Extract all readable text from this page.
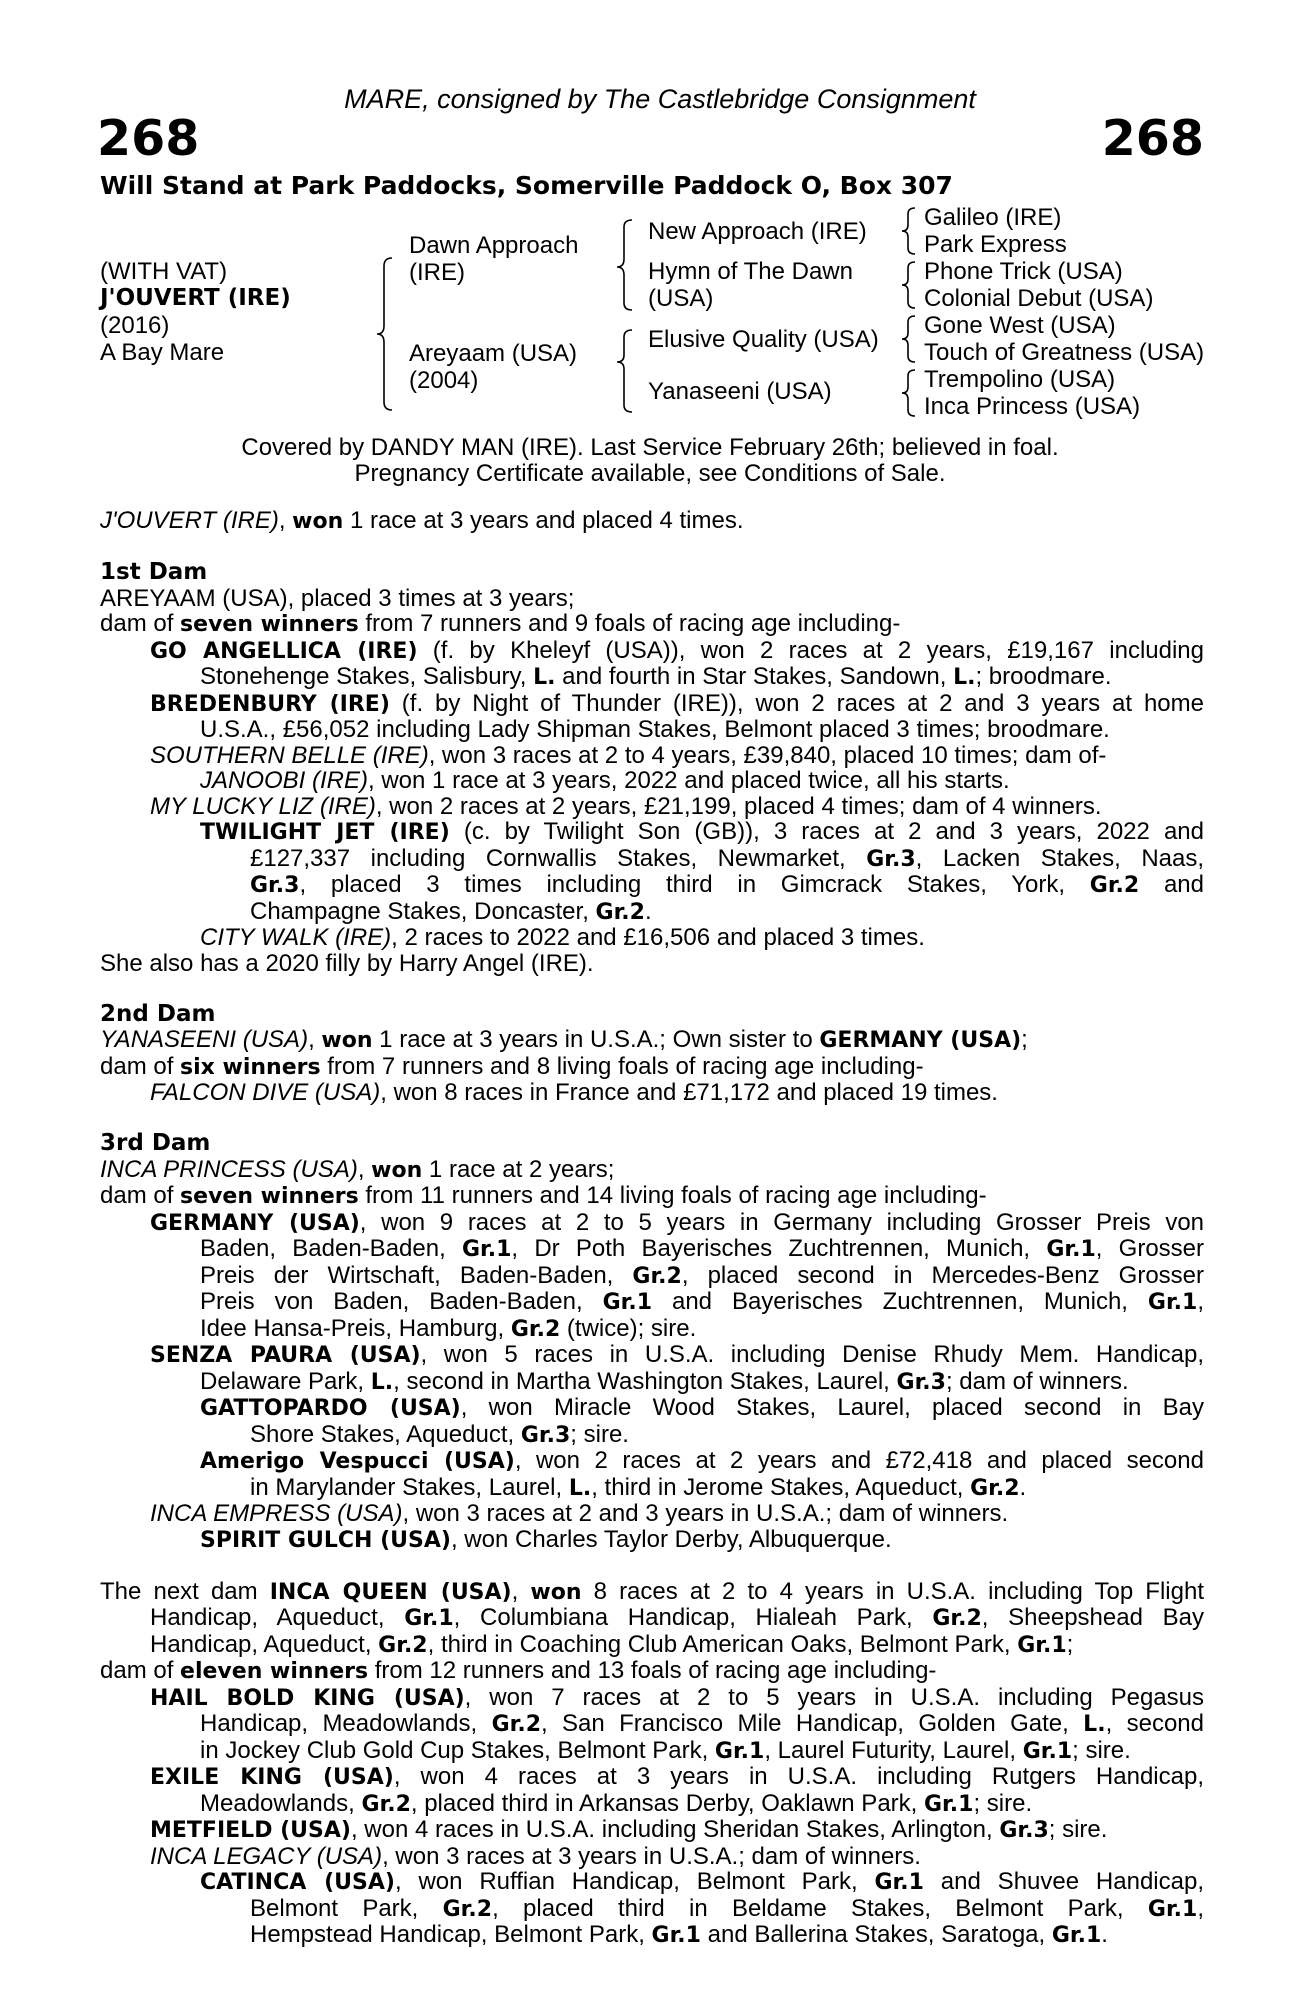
MARE, consigned by The Castlebridge Consignment
268	268
Will Stand at Park Paddocks, Somerville Paddock O, Box 307
(WITH VAT)
J'OUVERT (IRE)
(2016)
A Bay Mare
Dawn Approach
(IRE)
Areyaam (USA)
(2004)
New Approach (IRE)
Hymn of The Dawn
(USA)
Elusive Quality (USA)
Yanaseeni (USA)
Galileo (IRE)
Park Express
Phone Trick (USA)
Colonial Debut (USA)
Gone West (USA)
Touch of Greatness (USA)
Trempolino (USA)
Inca Princess (USA)
Covered by DANDY MAN (IRE). Last Service February 26th; believed in foal.
Pregnancy Certificate available, see Conditions of Sale.

J'OUVERT (IRE), won 1 race at 3 years and placed 4 times.

1st Dam

AREYAAM (USA), placed 3 times at 3 years;

dam of seven winners from 7 runners and 9 foals of racing age including-

GO ANGELLICA (IRE) (f. by Kheleyf (USA)), won 2 races at 2 years, £19,167 including

Stonehenge Stakes, Salisbury, L. and fourth in Star Stakes, Sandown, L.; broodmare.

BREDENBURY (IRE) (f. by Night of Thunder (IRE)), won 2 races at 2 and 3 years at home

U.S.A., £56,052 including Lady Shipman Stakes, Belmont placed 3 times; broodmare.

SOUTHERN BELLE (IRE), won 3 races at 2 to 4 years, £39,840, placed 10 times; dam of-

JANOOBI (IRE), won 1 race at 3 years, 2022 and placed twice, all his starts.

MY LUCKY LIZ (IRE), won 2 races at 2 years, £21,199, placed 4 times; dam of 4 winners.

TWILIGHT JET (IRE) (c. by Twilight Son (GB)), 3 races at 2 and 3 years, 2022 and

£127,337 including Cornwallis Stakes, Newmarket, Gr.3, Lacken Stakes, Naas,

Gr.3, placed 3 times including third in Gimcrack Stakes, York, Gr.2 and

Champagne Stakes, Doncaster, Gr.2.

CITY WALK (IRE), 2 races to 2022 and £16,506 and placed 3 times.

She also has a 2020 filly by Harry Angel (IRE).

2nd Dam

YANASEENI (USA), won 1 race at 3 years in U.S.A.; Own sister to GERMANY (USA);

dam of six winners from 7 runners and 8 living foals of racing age including-

FALCON DIVE (USA), won 8 races in France and £71,172 and placed 19 times.

3rd Dam

INCA PRINCESS (USA), won 1 race at 2 years;

dam of seven winners from 11 runners and 14 living foals of racing age including-

GERMANY (USA), won 9 races at 2 to 5 years in Germany including Grosser Preis von

Baden, Baden-Baden, Gr.1, Dr Poth Bayerisches Zuchtrennen, Munich, Gr.1, Grosser

Preis der Wirtschaft, Baden-Baden, Gr.2, placed second in Mercedes-Benz Grosser

Preis von Baden, Baden-Baden, Gr.1 and Bayerisches Zuchtrennen, Munich, Gr.1,

Idee Hansa-Preis, Hamburg, Gr.2 (twice); sire.

SENZA PAURA (USA), won 5 races in U.S.A. including Denise Rhudy Mem. Handicap,

Delaware Park, L., second in Martha Washington Stakes, Laurel, Gr.3; dam of winners.

GATTOPARDO (USA), won Miracle Wood Stakes, Laurel, placed second in Bay

Shore Stakes, Aqueduct, Gr.3; sire.

Amerigo Vespucci (USA), won 2 races at 2 years and £72,418 and placed second

in Marylander Stakes, Laurel, L., third in Jerome Stakes, Aqueduct, Gr.2.

INCA EMPRESS (USA), won 3 races at 2 and 3 years in U.S.A.; dam of winners.

SPIRIT GULCH (USA), won Charles Taylor Derby, Albuquerque.

The next dam INCA QUEEN (USA), won 8 races at 2 to 4 years in U.S.A. including Top Flight

Handicap, Aqueduct, Gr.1, Columbiana Handicap, Hialeah Park, Gr.2, Sheepshead Bay

Handicap, Aqueduct, Gr.2, third in Coaching Club American Oaks, Belmont Park, Gr.1;

dam of eleven winners from 12 runners and 13 foals of racing age including-

HAIL BOLD KING (USA), won 7 races at 2 to 5 years in U.S.A. including Pegasus

Handicap, Meadowlands, Gr.2, San Francisco Mile Handicap, Golden Gate, L., second

in Jockey Club Gold Cup Stakes, Belmont Park, Gr.1, Laurel Futurity, Laurel, Gr.1; sire.

EXILE KING (USA), won 4 races at 3 years in U.S.A. including Rutgers Handicap,

Meadowlands, Gr.2, placed third in Arkansas Derby, Oaklawn Park, Gr.1; sire.

METFIELD (USA), won 4 races in U.S.A. including Sheridan Stakes, Arlington, Gr.3; sire.

INCA LEGACY (USA), won 3 races at 3 years in U.S.A.; dam of winners.

CATINCA (USA), won Ruffian Handicap, Belmont Park, Gr.1 and Shuvee Handicap,

Belmont Park, Gr.2, placed third in Beldame Stakes, Belmont Park, Gr.1,

Hempstead Handicap, Belmont Park, Gr.1 and Ballerina Stakes, Saratoga, Gr.1.
